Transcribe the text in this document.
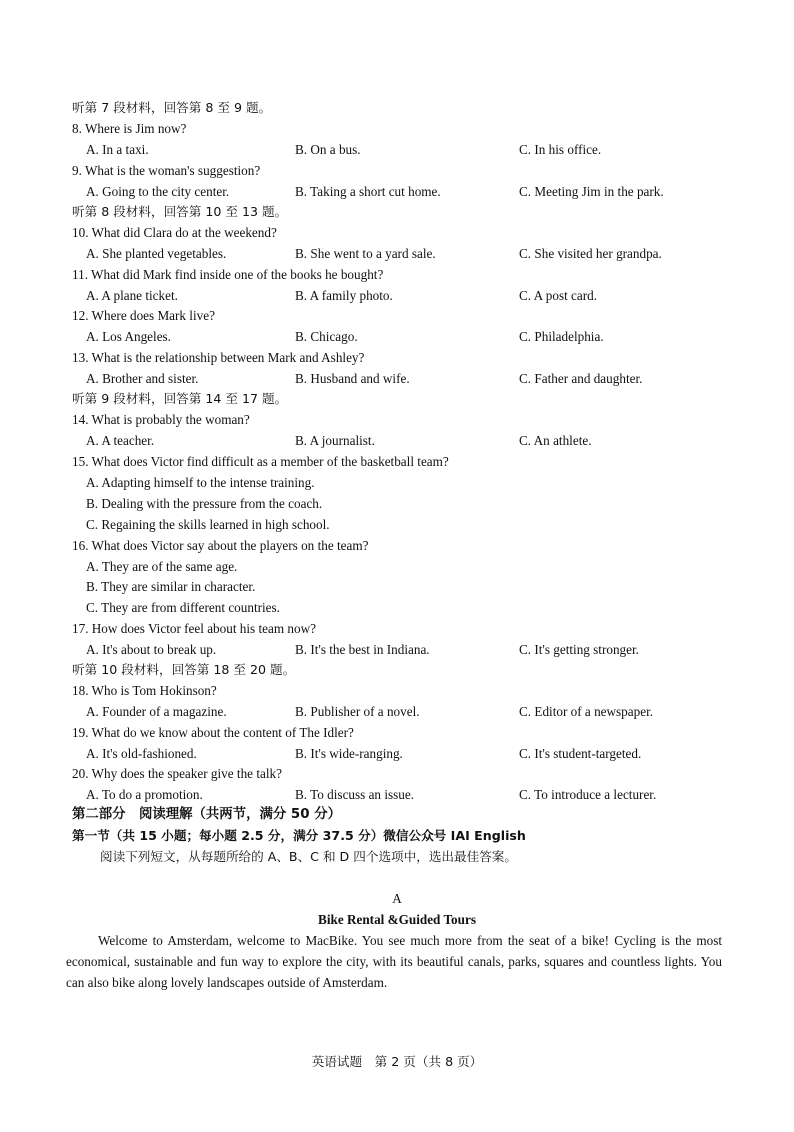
听第 7 段材料，回答第 8 至 9 题。
8. Where is Jim now?
A. In a taxi.	B. On a bus.	C. In his office.
9. What is the woman's suggestion?
A. Going to the city center.	B. Taking a short cut home.	C. Meeting Jim in the park.
听第 8 段材料，回答第 10 至 13 题。
10. What did Clara do at the weekend?
A. She planted vegetables.	B. She went to a yard sale.	C. She visited her grandpa.
11. What did Mark find inside one of the books he bought?
A. A plane ticket.	B. A family photo.	C. A post card.
12. Where does Mark live?
A. Los Angeles.	B. Chicago.	C. Philadelphia.
13. What is the relationship between Mark and Ashley?
A. Brother and sister.	B. Husband and wife.	C. Father and daughter.
听第 9 段材料，回答第 14 至 17 题。
14. What is probably the woman?
A. A teacher.	B. A journalist.	C. An athlete.
15. What does Victor find difficult as a member of the basketball team?
A. Adapting himself to the intense training.
B. Dealing with the pressure from the coach.
C. Regaining the skills learned in high school.
16. What does Victor say about the players on the team?
A. They are of the same age.
B. They are similar in character.
C. They are from different countries.
17. How does Victor feel about his team now?
A. It's about to break up.	B. It's the best in Indiana.	C. It's getting stronger.
听第 10 段材料，回答第 18 至 20 题。
18. Who is Tom Hokinson?
A. Founder of a magazine.	B. Publisher of a novel.	C. Editor of a newspaper.
19. What do we know about the content of The Idler?
A. It's old-fashioned.	B. It's wide-ranging.	C. It's student-targeted.
20. Why does the speaker give the talk?
A. To do a promotion.	B. To discuss an issue.	C. To introduce a lecturer.
第二部分　阅读理解（共两节，满分 50 分）
第一节（共 15 小题；每小题 2.5 分，满分 37.5 分）微信公众号 IAI English
阅读下列短文，从每题所给的 A、B、C 和 D 四个选项中，选出最佳答案。
A
Bike Rental &Guided Tours
Welcome to Amsterdam, welcome to MacBike. You see much more from the seat of a bike! Cycling is the most economical, sustainable and fun way to explore the city, with its beautiful canals, parks, squares and countless lights. You can also bike along lovely landscapes outside of Amsterdam.
英语试题　第 2 页（共 8 页）
